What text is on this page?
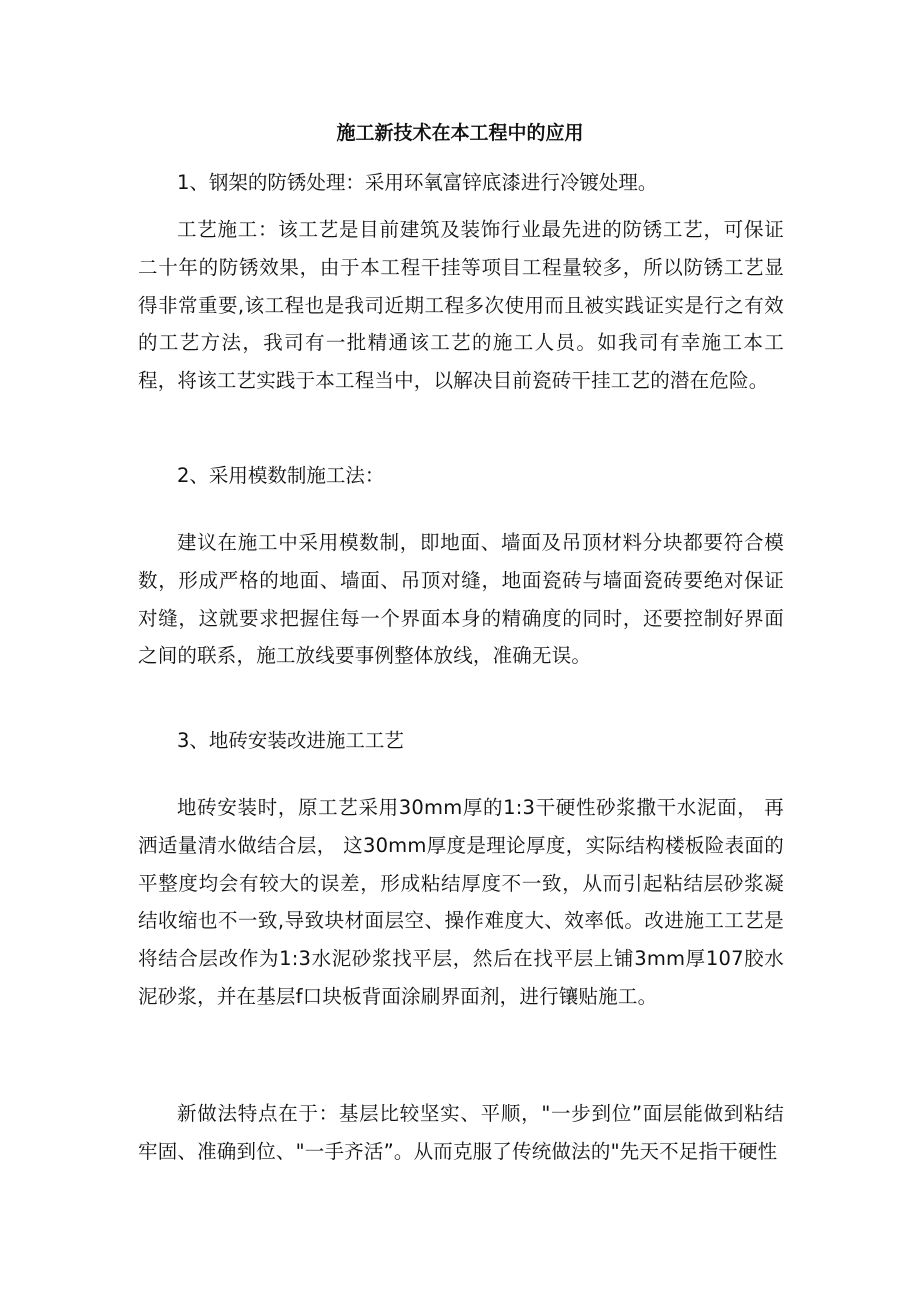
施工新技术在本工程中的应用

1、钢架的防锈处理：采用环氧富锌底漆进行冷镀处理。

工艺施工：该工艺是目前建筑及装饰行业最先进的防锈工艺，可保证二十年的防锈效果，由于本工程干挂等项目工程量较多，所以防锈工艺显得非常重要,该工程也是我司近期工程多次使用而且被实践证实是行之有效的工艺方法，我司有一批精通该工艺的施工人员。如我司有幸施工本工程，将该工艺实践于本工程当中，以解决目前瓷砖干挂工艺的潜在危险。

2、采用模数制施工法：

建议在施工中采用模数制，即地面、墙面及吊顶材料分块都要符合模数，形成严格的地面、墙面、吊顶对缝，地面瓷砖与墙面瓷砖要绝对保证对缝，这就要求把握住每一个界面本身的精确度的同时，还要控制好界面之间的联系，施工放线要事例整体放线，准确无误。

3、地砖安装改进施工工艺

地砖安装时，原工艺采用30mm厚的1:3干硬性砂浆撒干水泥面， 再洒适量清水做结合层， 这30mm厚度是理论厚度，实际结构楼板险表面的平整度均会有较大的误差，形成粘结厚度不一致，从而引起粘结层砂浆凝结收缩也不一致,导致块材面层空、操作难度大、效率低。改进施工工艺是将结合层改作为1:3水泥砂浆找平层，然后在找平层上铺3mm厚107胶水泥砂浆，并在基层f口块板背面涂刷界面剂，进行镶贴施工。

新做法特点在于：基层比较坚实、平顺，"一步到位”面层能做到粘结牢固、准确到位、"一手齐活”。从而克服了传统做法的"先天不足指干硬性
